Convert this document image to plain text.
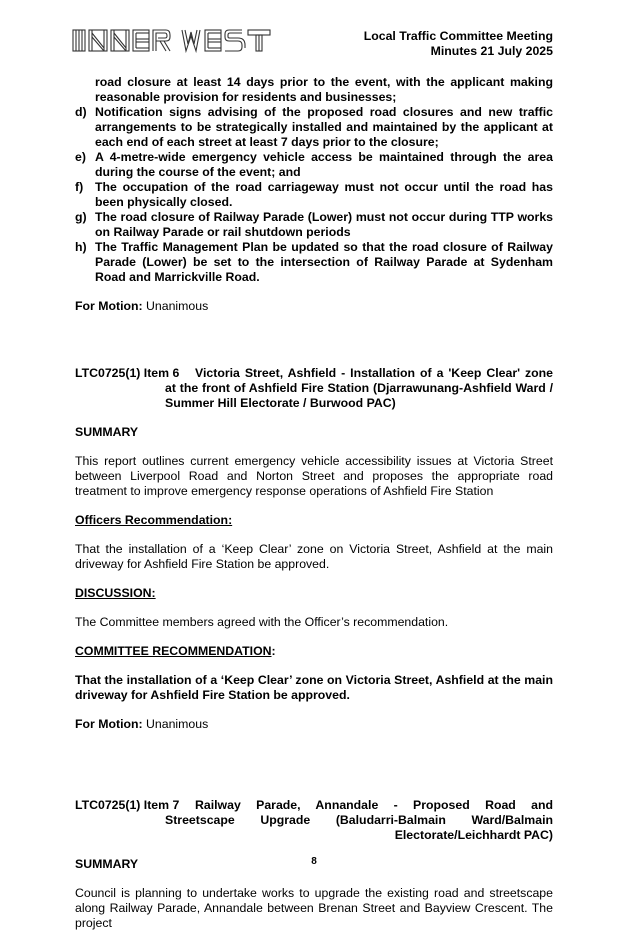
Local Traffic Committee Meeting
Minutes 21 July 2025

road closure at least 14 days prior to the event, with the applicant making reasonable provision for residents and businesses;

d) Notification signs advising of the proposed road closures and new traffic arrangements to be strategically installed and maintained by the applicant at each end of each street at least 7 days prior to the closure;
e) A 4-metre-wide emergency vehicle access be maintained through the area during the course of the event; and
f) The occupation of the road carriageway must not occur until the road has been physically closed.
g) The road closure of Railway Parade (Lower) must not occur during TTP works on Railway Parade or rail shutdown periods
h) The Traffic Management Plan be updated so that the road closure of Railway Parade (Lower) be set to the intersection of Railway Parade at Sydenham Road and Marrickville Road.

For Motion: Unanimous

LTC0725(1) Item 6	Victoria Street, Ashfield - Installation of a 'Keep Clear' zone at the front of Ashfield Fire Station (Djarrawunang-Ashfield Ward / Summer Hill Electorate / Burwood PAC)

SUMMARY

This report outlines current emergency vehicle accessibility issues at Victoria Street between Liverpool Road and Norton Street and proposes the appropriate road treatment to improve emergency response operations of Ashfield Fire Station

Officers Recommendation:

That the installation of a ‘Keep Clear’ zone on Victoria Street, Ashfield at the main driveway for Ashfield Fire Station be approved.

DISCUSSION:

The Committee members agreed with the Officer’s recommendation.

COMMITTEE RECOMMENDATION:

That the installation of a ‘Keep Clear’ zone on Victoria Street, Ashfield at the main driveway for Ashfield Fire Station be approved.

For Motion: Unanimous

LTC0725(1) Item 7	Railway Parade, Annandale - Proposed Road and Streetscape Upgrade (Baludarri-Balmain Ward/Balmain Electorate/Leichhardt PAC)

SUMMARY

Council is planning to undertake works to upgrade the existing road and streetscape along Railway Parade, Annandale between Brenan Street and Bayview Crescent. The project

8
